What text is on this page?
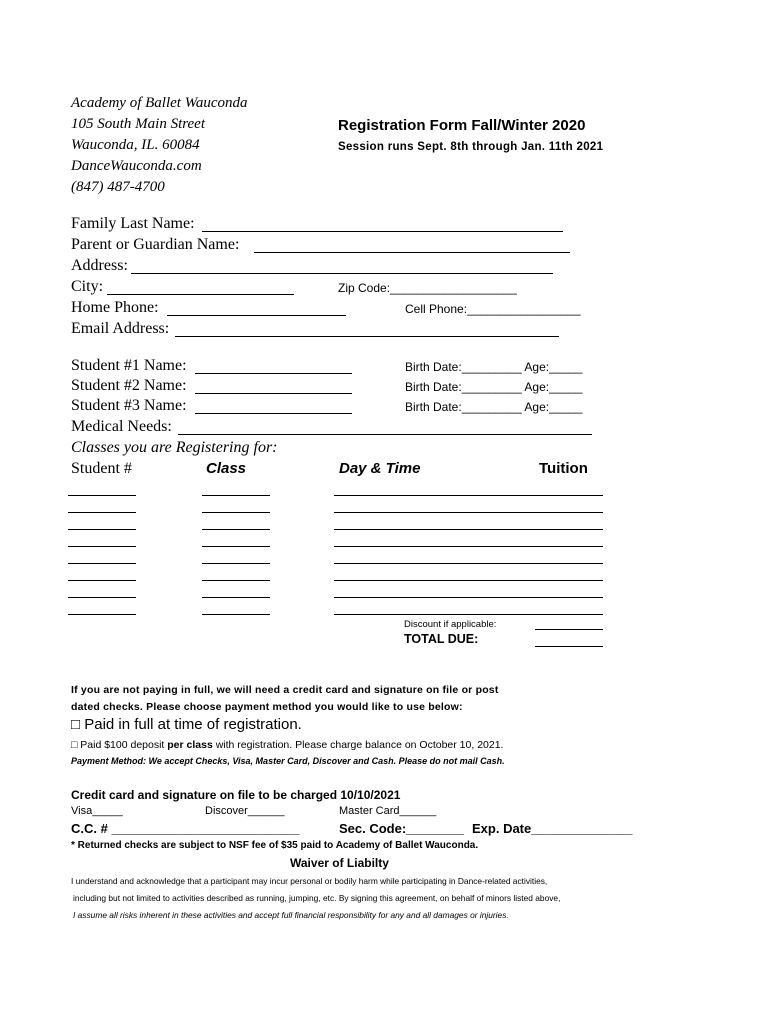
Academy of Ballet Wauconda
105 South Main Street
Wauconda, IL. 60084
DanceWauconda.com
(847) 487-4700
Registration Form Fall/Winter 2020
Session runs Sept. 8th through Jan. 11th 2021
Family Last Name:
Parent or Guardian Name:
Address:
City:	Zip Code:___________________
Home Phone:	Cell Phone:_________________
Email Address:
Student #1 Name:	Birth Date:_________ Age:_____
Student #2 Name:	Birth Date:_________ Age:_____
Student #3 Name:	Birth Date:_________ Age:_____
Medical Needs:
Classes you are Registering for:
Student #	Class	Day & Time	Tuition
Discount if applicable:
TOTAL DUE:
If you are not paying in full, we will need a credit card and signature on file or post
dated checks. Please choose payment method you would like to use below:
□ Paid in full at time of registration.
□ Paid $100 deposit per class with registration. Please charge balance on October 10, 2021.
Payment Method: We accept Checks, Visa, Master Card, Discover and Cash. Please do not mail Cash.
Credit card and signature on file to be charged 10/10/2021
Visa_____	Discover______	Master Card______
C.C. # __________________________	Sec. Code:________ Exp. Date______________
* Returned checks are subject to NSF fee of $35 paid to Academy of Ballet Wauconda.
Waiver of Liabilty
I understand and acknowledge that a participant may incur personal or bodily harm while participating in Dance-related activities,
including but not limited to activities described as running, jumping, etc. By signing this agreement, on behalf of minors listed above,
I assume all risks inherent in these activities and accept full financial responsibility for any and all damages or injuries.
